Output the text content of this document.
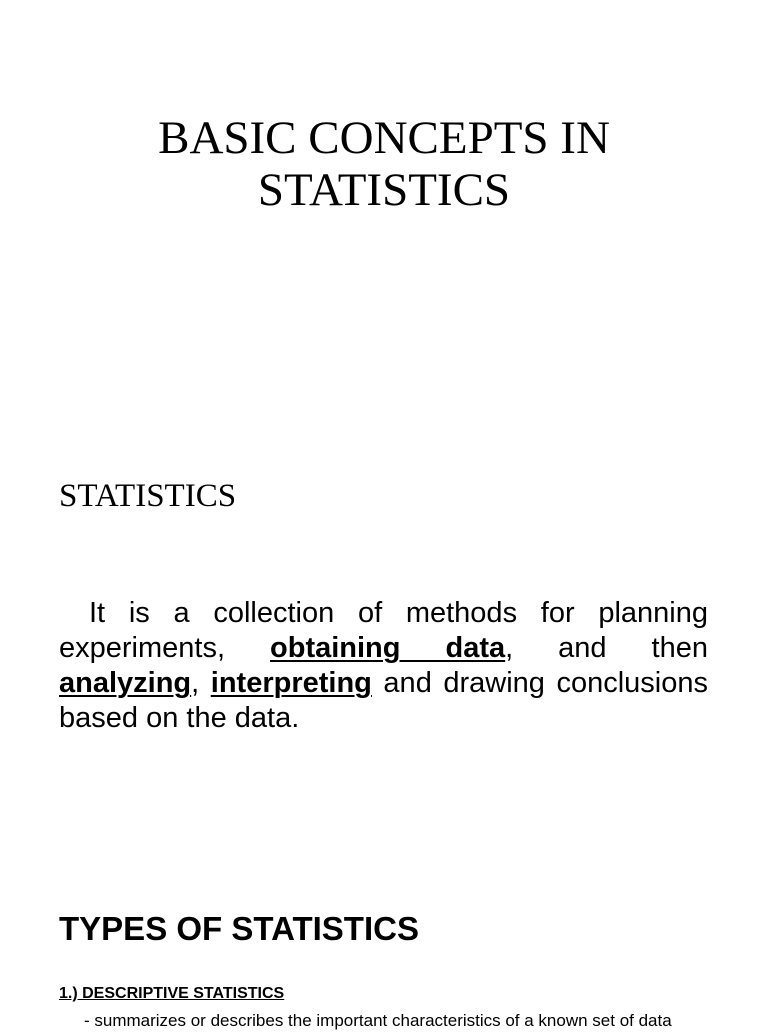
BASIC CONCEPTS IN
STATISTICS
STATISTICS

It is a collection of methods for planning experiments, obtaining data, and then analyzing, interpreting and drawing conclusions based on the data.

TYPES OF STATISTICS
1.) DESCRIPTIVE STATISTICS

- summarizes or describes the important characteristics of a known set of data
